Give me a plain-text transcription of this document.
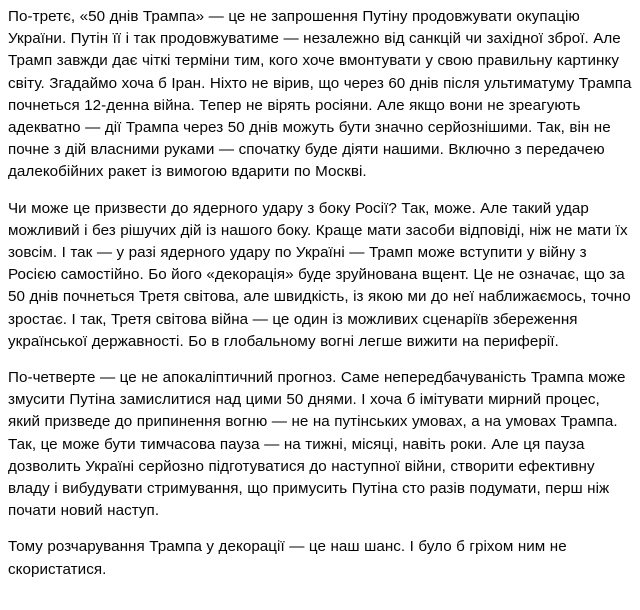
По-третє, «50 днів Трампа» — це не запрошення Путіну продовжувати окупацію України. Путін її і так продовжуватиме — незалежно від санкцій чи західної зброї. Але Трамп завжди дає чіткі терміни тим, кого хоче вмонтувати у свою правильну картинку світу. Згадаймо хоча б Іран. Ніхто не вірив, що через 60 днів після ультиматуму Трампа почнеться 12-денна війна. Тепер не вірять росіяни. Але якщо вони не зреагують адекватно — дії Трампа через 50 днів можуть бути значно серйознішими. Так, він не почне з дій власними руками — спочатку буде діяти нашими. Включно з передачею далекобійних ракет із вимогою вдарити по Москві.

Чи може це призвести до ядерного удару з боку Росії? Так, може. Але такий удар можливий і без рішучих дій із нашого боку. Краще мати засоби відповіді, ніж не мати їх зовсім. І так — у разі ядерного удару по Україні — Трамп може вступити у війну з Росією самостійно. Бо його «декорація» буде зруйнована вщент. Це не означає, що за 50 днів почнеться Третя світова, але швидкість, із якою ми до неї наближаємось, точно зростає. І так, Третя світова війна — це один із можливих сценаріїв збереження української державності. Бо в глобальному вогні легше вижити на периферії.

По-четверте — це не апокаліптичний прогноз. Саме непередбачуваність Трампа може змусити Путіна замислитися над цими 50 днями. І хоча б імітувати мирний процес, який призведе до припинення вогню — не на путінських умовах, а на умовах Трампа. Так, це може бути тимчасова пауза — на тижні, місяці, навіть роки. Але ця пауза дозволить Україні серйозно підготуватися до наступної війни, створити ефективну владу і вибудувати стримування, що примусить Путіна сто разів подумати, перш ніж почати новий наступ.

Тому розчарування Трампа у декорації — це наш шанс. І було б гріхом ним не скористатися.
